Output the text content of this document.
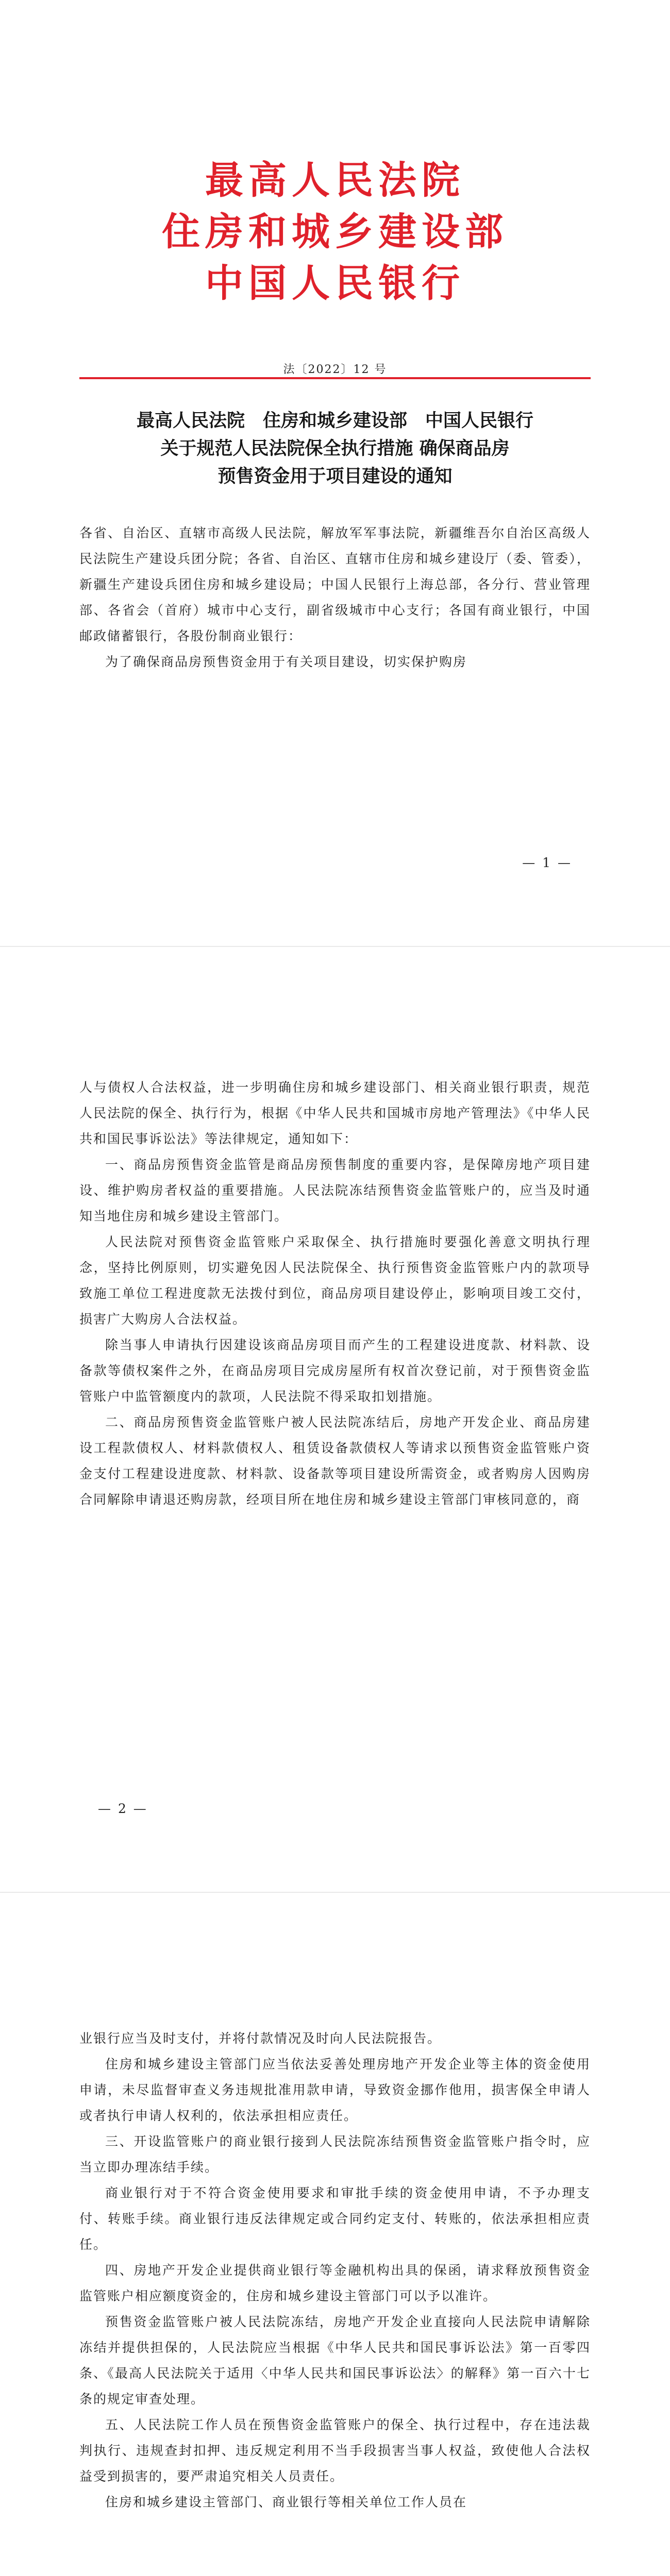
最高人民法院
住房和城乡建设部
中国人民银行
法〔2022〕12 号
最高人民法院　住房和城乡建设部　中国人民银行
关于规范人民法院保全执行措施 确保商品房
预售资金用于项目建设的通知

各省、自治区、直辖市高级人民法院，解放军军事法院，新疆维吾尔自治区高级人民法院生产建设兵团分院；各省、自治区、直辖市住房和城乡建设厅（委、管委），新疆生产建设兵团住房和城乡建设局；中国人民银行上海总部，各分行、营业管理部、各省会（首府）城市中心支行，副省级城市中心支行；各国有商业银行，中国邮政储蓄银行，各股份制商业银行：

为了确保商品房预售资金用于有关项目建设，切实保护购房

— 1 —

人与债权人合法权益，进一步明确住房和城乡建设部门、相关商业银行职责，规范人民法院的保全、执行行为，根据《中华人民共和国城市房地产管理法》《中华人民共和国民事诉讼法》等法律规定，通知如下：

一、商品房预售资金监管是商品房预售制度的重要内容，是保障房地产项目建设、维护购房者权益的重要措施。人民法院冻结预售资金监管账户的，应当及时通知当地住房和城乡建设主管部门。

人民法院对预售资金监管账户采取保全、执行措施时要强化善意文明执行理念，坚持比例原则，切实避免因人民法院保全、执行预售资金监管账户内的款项导致施工单位工程进度款无法拨付到位，商品房项目建设停止，影响项目竣工交付，损害广大购房人合法权益。

除当事人申请执行因建设该商品房项目而产生的工程建设进度款、材料款、设备款等债权案件之外，在商品房项目完成房屋所有权首次登记前，对于预售资金监管账户中监管额度内的款项，人民法院不得采取扣划措施。

二、商品房预售资金监管账户被人民法院冻结后，房地产开发企业、商品房建设工程款债权人、材料款债权人、租赁设备款债权人等请求以预售资金监管账户资金支付工程建设进度款、材料款、设备款等项目建设所需资金，或者购房人因购房合同解除申请退还购房款，经项目所在地住房和城乡建设主管部门审核同意的，商

— 2 —

业银行应当及时支付，并将付款情况及时向人民法院报告。

住房和城乡建设主管部门应当依法妥善处理房地产开发企业等主体的资金使用申请，未尽监督审查义务违规批准用款申请，导致资金挪作他用，损害保全申请人或者执行申请人权利的，依法承担相应责任。

三、开设监管账户的商业银行接到人民法院冻结预售资金监管账户指令时，应当立即办理冻结手续。

商业银行对于不符合资金使用要求和审批手续的资金使用申请，不予办理支付、转账手续。商业银行违反法律规定或合同约定支付、转账的，依法承担相应责任。

四、房地产开发企业提供商业银行等金融机构出具的保函，请求释放预售资金监管账户相应额度资金的，住房和城乡建设主管部门可以予以准许。

预售资金监管账户被人民法院冻结，房地产开发企业直接向人民法院申请解除冻结并提供担保的，人民法院应当根据《中华人民共和国民事诉讼法》第一百零四条、《最高人民法院关于适用〈中华人民共和国民事诉讼法〉的解释》第一百六十七条的规定审查处理。

五、人民法院工作人员在预售资金监管账户的保全、执行过程中，存在违法裁判执行、违规查封扣押、违反规定利用不当手段损害当事人权益，致使他人合法权益受到损害的，要严肃追究相关人员责任。

住房和城乡建设主管部门、商业银行等相关单位工作人员在
